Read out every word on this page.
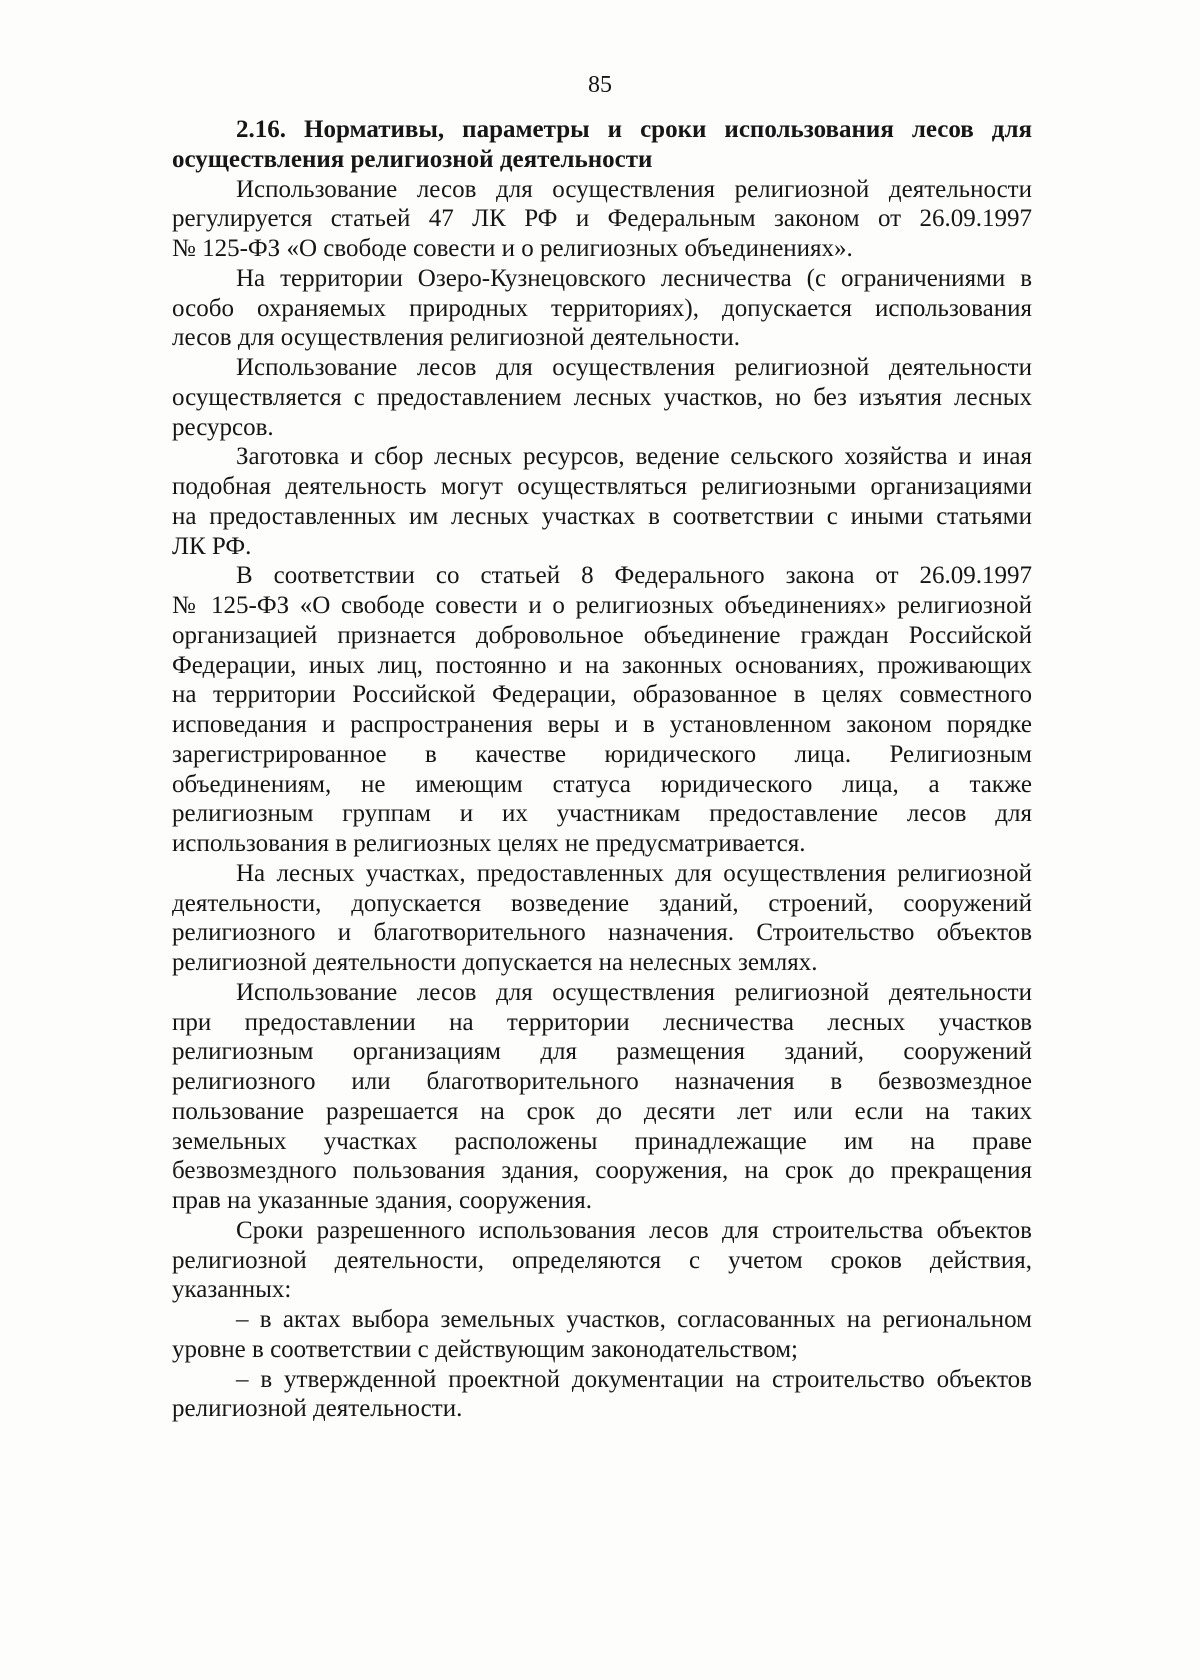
85
2.16. Нормативы, параметры и сроки использования лесов для
осуществления религиозной деятельности
Использование лесов для осуществления религиозной деятельности
регулируется статьей 47 ЛК РФ и Федеральным законом от 26.09.1997
№ 125-ФЗ «О свободе совести и о религиозных объединениях».
На территории Озеро-Кузнецовского лесничества (с ограничениями в
особо охраняемых природных территориях), допускается использования
лесов для осуществления религиозной деятельности.
Использование лесов для осуществления религиозной деятельности
осуществляется с предоставлением лесных участков, но без изъятия лесных
ресурсов.
Заготовка и сбор лесных ресурсов, ведение сельского хозяйства и иная
подобная деятельность могут осуществляться религиозными организациями
на предоставленных им лесных участках в соответствии с иными статьями
ЛК РФ.
В соответствии со статьей 8 Федерального закона от 26.09.1997
№ 125-ФЗ «О свободе совести и о религиозных объединениях» религиозной
организацией признается добровольное объединение граждан Российской
Федерации, иных лиц, постоянно и на законных основаниях, проживающих
на территории Российской Федерации, образованное в целях совместного
исповедания и распространения веры и в установленном законом порядке
зарегистрированное в качестве юридического лица. Религиозным
объединениям, не имеющим статуса юридического лица, а также
религиозным группам и их участникам предоставление лесов для
использования в религиозных целях не предусматривается.
На лесных участках, предоставленных для осуществления религиозной
деятельности, допускается возведение зданий, строений, сооружений
религиозного и благотворительного назначения. Строительство объектов
религиозной деятельности допускается на нелесных землях.
Использование лесов для осуществления религиозной деятельности
при предоставлении на территории лесничества лесных участков
религиозным организациям для размещения зданий, сооружений
религиозного или благотворительного назначения в безвозмездное
пользование разрешается на срок до десяти лет или если на таких
земельных участках расположены принадлежащие им на праве
безвозмездного пользования здания, сооружения, на срок до прекращения
прав на указанные здания, сооружения.
Сроки разрешенного использования лесов для строительства объектов
религиозной деятельности, определяются с учетом сроков действия,
указанных:
– в актах выбора земельных участков, согласованных на региональном
уровне в соответствии с действующим законодательством;
– в утвержденной проектной документации на строительство объектов
религиозной деятельности.
